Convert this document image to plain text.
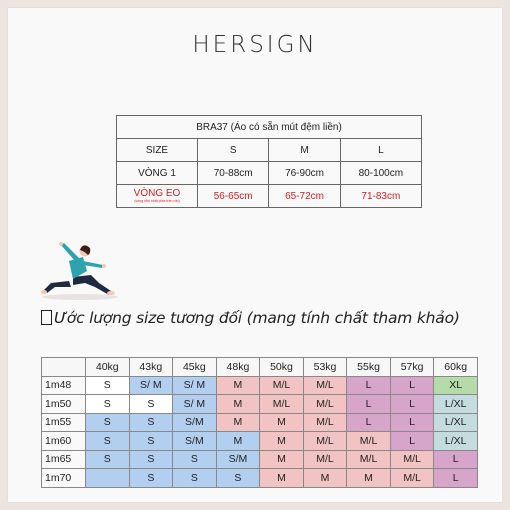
HERSIGN
BRA37 (Áo có sẵn mút đệm liền)			
SIZE	S	M	L
VÒNG 1	70-88cm	76-90cm	80-100cm

VÒNG EO
(vòng nhỏ nhất phía trên rốn)	56-65cm	65-72cm	71-83cm
Ước lượng size tương đối (mang tính chất tham khảo)
	40kg	43kg	45kg	48kg	50kg	53kg	55kg	57kg	60kg
1m48	S	S/ M	S/ M	M	M/L	M/L	L	L	XL
1m50	S	S	S/ M	M	M/L	M/L	L	L	L/XL
1m55	S	S	S/M	M	M	M/L	L	L	L/XL
1m60	S	S	S/M	M	M	M/L	M/L	L	L/XL
1m65	S	S	S	S/M	M	M/L	M/L	M/L	L
1m70		S	S	S	M	M	M	M/L	L
